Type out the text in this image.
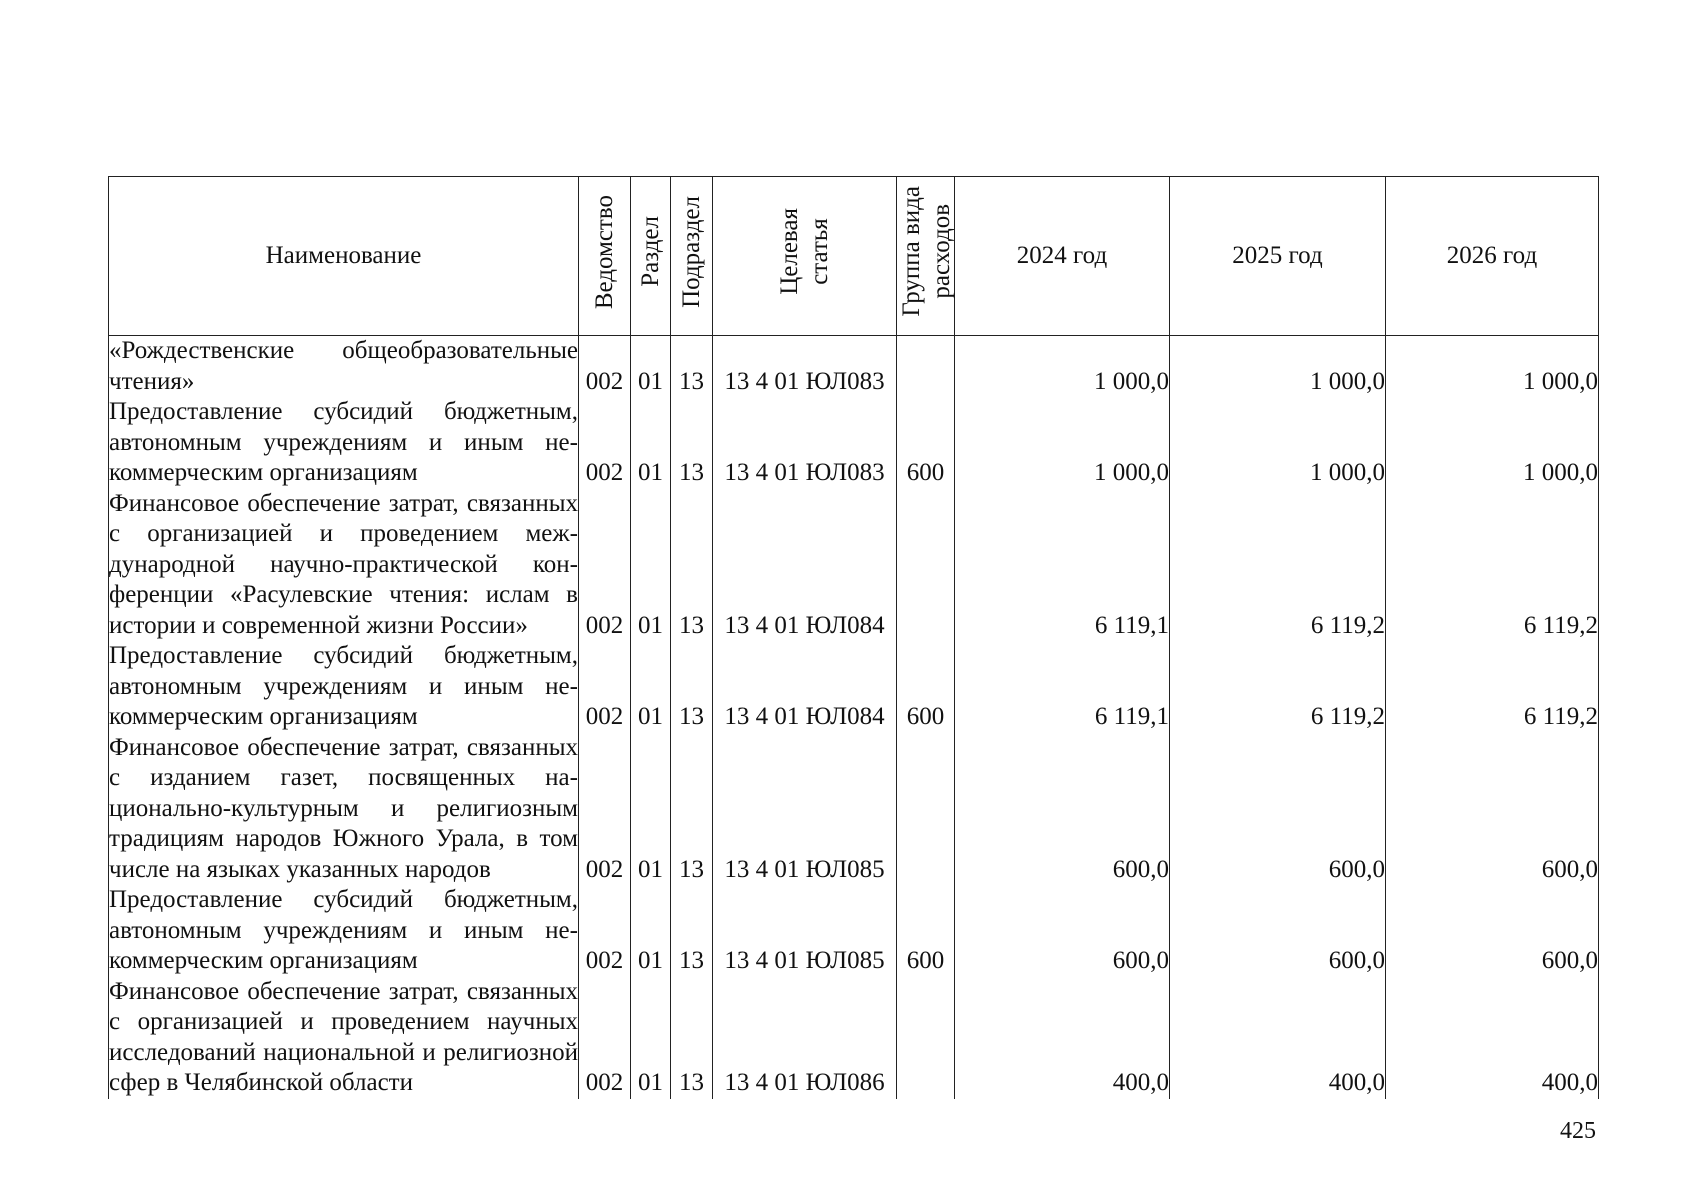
Наименование	Ведомство	Раздел	Подраздел	Целевая
статья	Группа вида
расходов	2024 год	2025 год	2026 год
«Рождественские общеобразовательные чтения»	002	01	13	13 4 01 ЮЛ083		1 000,0	1 000,0	1 000,0
Предоставление субсидий бюджетным, автономным учреждениям и иным некоммерческим организациям	002	01	13	13 4 01 ЮЛ083	600	1 000,0	1 000,0	1 000,0
Финансовое обеспечение затрат, связанных с организацией и проведением международной научно-практической конференции «Расулевские чтения: ислам в истории и современной жизни России»	002	01	13	13 4 01 ЮЛ084		6 119,1	6 119,2	6 119,2
Предоставление субсидий бюджетным, автономным учреждениям и иным некоммерческим организациям	002	01	13	13 4 01 ЮЛ084	600	6 119,1	6 119,2	6 119,2
Финансовое обеспечение затрат, связанных с изданием газет, посвященных национально-культурным и религиозным традициям народов Южного Урала, в том числе на языках указанных народов	002	01	13	13 4 01 ЮЛ085		600,0	600,0	600,0
Предоставление субсидий бюджетным, автономным учреждениям и иным некоммерческим организациям	002	01	13	13 4 01 ЮЛ085	600	600,0	600,0	600,0
Финансовое обеспечение затрат, связанных с организацией и проведением научных исследований национальной и религиозной сфер в Челябинской области	002	01	13	13 4 01 ЮЛ086		400,0	400,0	400,0
425
